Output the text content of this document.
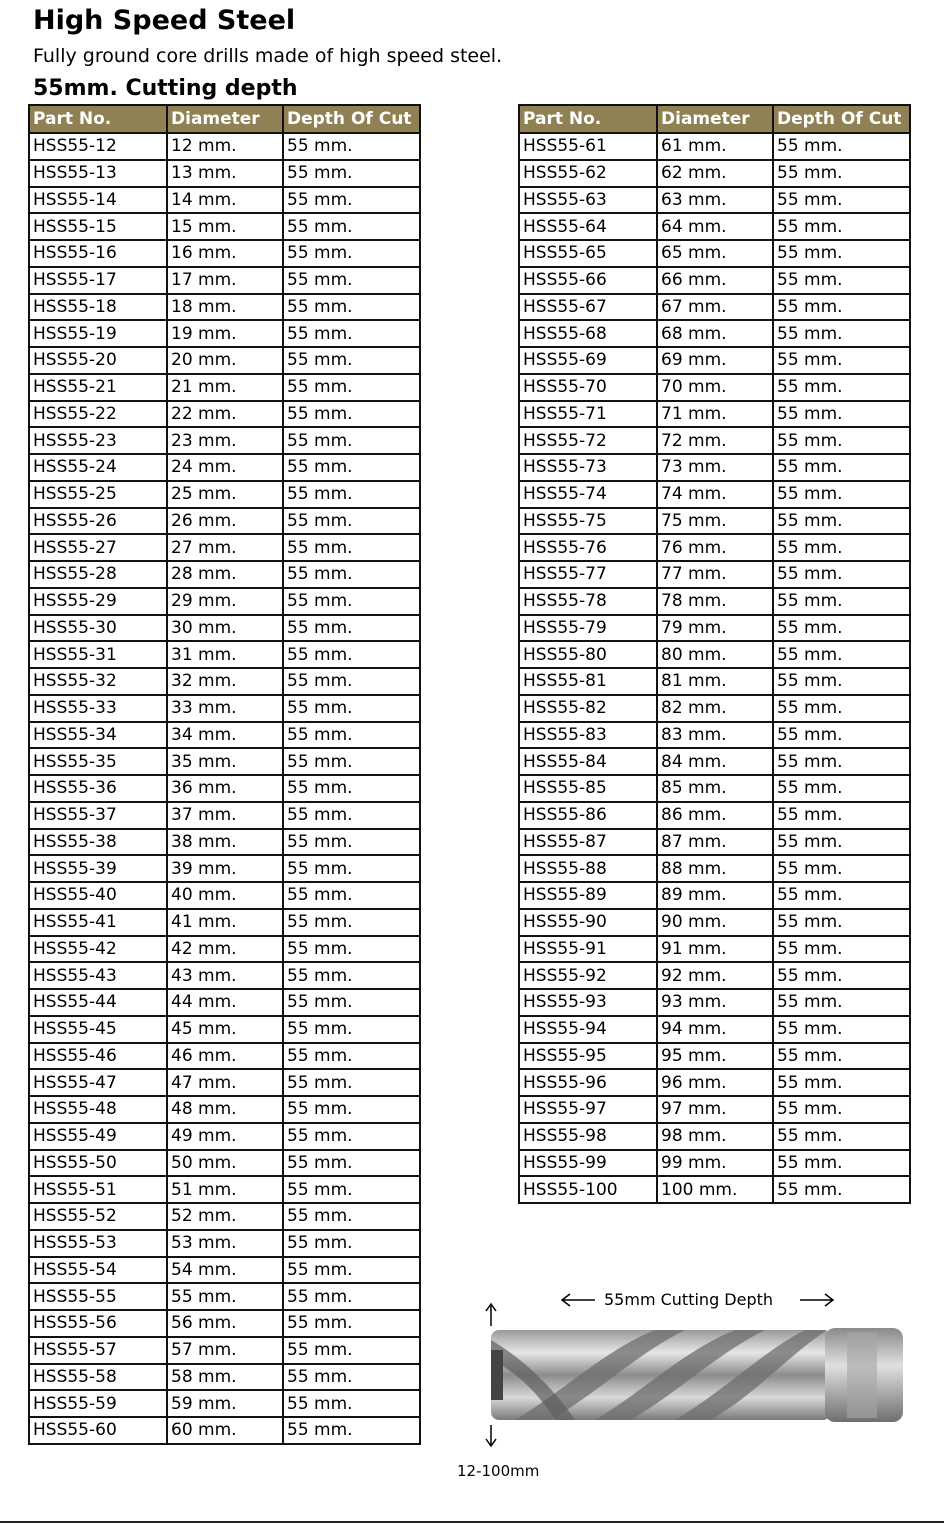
High Speed Steel
Fully ground core drills made of high speed steel.
55mm. Cutting depth
Part No.	Diameter	Depth Of Cut
HSS55-12	12 mm.	55 mm.
HSS55-13	13 mm.	55 mm.
HSS55-14	14 mm.	55 mm.
HSS55-15	15 mm.	55 mm.
HSS55-16	16 mm.	55 mm.
HSS55-17	17 mm.	55 mm.
HSS55-18	18 mm.	55 mm.
HSS55-19	19 mm.	55 mm.
HSS55-20	20 mm.	55 mm.
HSS55-21	21 mm.	55 mm.
HSS55-22	22 mm.	55 mm.
HSS55-23	23 mm.	55 mm.
HSS55-24	24 mm.	55 mm.
HSS55-25	25 mm.	55 mm.
HSS55-26	26 mm.	55 mm.
HSS55-27	27 mm.	55 mm.
HSS55-28	28 mm.	55 mm.
HSS55-29	29 mm.	55 mm.
HSS55-30	30 mm.	55 mm.
HSS55-31	31 mm.	55 mm.
HSS55-32	32 mm.	55 mm.
HSS55-33	33 mm.	55 mm.
HSS55-34	34 mm.	55 mm.
HSS55-35	35 mm.	55 mm.
HSS55-36	36 mm.	55 mm.
HSS55-37	37 mm.	55 mm.
HSS55-38	38 mm.	55 mm.
HSS55-39	39 mm.	55 mm.
HSS55-40	40 mm.	55 mm.
HSS55-41	41 mm.	55 mm.
HSS55-42	42 mm.	55 mm.
HSS55-43	43 mm.	55 mm.
HSS55-44	44 mm.	55 mm.
HSS55-45	45 mm.	55 mm.
HSS55-46	46 mm.	55 mm.
HSS55-47	47 mm.	55 mm.
HSS55-48	48 mm.	55 mm.
HSS55-49	49 mm.	55 mm.
HSS55-50	50 mm.	55 mm.
HSS55-51	51 mm.	55 mm.
HSS55-52	52 mm.	55 mm.
HSS55-53	53 mm.	55 mm.
HSS55-54	54 mm.	55 mm.
HSS55-55	55 mm.	55 mm.
HSS55-56	56 mm.	55 mm.
HSS55-57	57 mm.	55 mm.
HSS55-58	58 mm.	55 mm.
HSS55-59	59 mm.	55 mm.
HSS55-60	60 mm.	55 mm.
Part No.	Diameter	Depth Of Cut
HSS55-61	61 mm.	55 mm.
HSS55-62	62 mm.	55 mm.
HSS55-63	63 mm.	55 mm.
HSS55-64	64 mm.	55 mm.
HSS55-65	65 mm.	55 mm.
HSS55-66	66 mm.	55 mm.
HSS55-67	67 mm.	55 mm.
HSS55-68	68 mm.	55 mm.
HSS55-69	69 mm.	55 mm.
HSS55-70	70 mm.	55 mm.
HSS55-71	71 mm.	55 mm.
HSS55-72	72 mm.	55 mm.
HSS55-73	73 mm.	55 mm.
HSS55-74	74 mm.	55 mm.
HSS55-75	75 mm.	55 mm.
HSS55-76	76 mm.	55 mm.
HSS55-77	77 mm.	55 mm.
HSS55-78	78 mm.	55 mm.
HSS55-79	79 mm.	55 mm.
HSS55-80	80 mm.	55 mm.
HSS55-81	81 mm.	55 mm.
HSS55-82	82 mm.	55 mm.
HSS55-83	83 mm.	55 mm.
HSS55-84	84 mm.	55 mm.
HSS55-85	85 mm.	55 mm.
HSS55-86	86 mm.	55 mm.
HSS55-87	87 mm.	55 mm.
HSS55-88	88 mm.	55 mm.
HSS55-89	89 mm.	55 mm.
HSS55-90	90 mm.	55 mm.
HSS55-91	91 mm.	55 mm.
HSS55-92	92 mm.	55 mm.
HSS55-93	93 mm.	55 mm.
HSS55-94	94 mm.	55 mm.
HSS55-95	95 mm.	55 mm.
HSS55-96	96 mm.	55 mm.
HSS55-97	97 mm.	55 mm.
HSS55-98	98 mm.	55 mm.
HSS55-99	99 mm.	55 mm.
HSS55-100	100 mm.	55 mm.
55mm Cutting Depth
12-100mm
